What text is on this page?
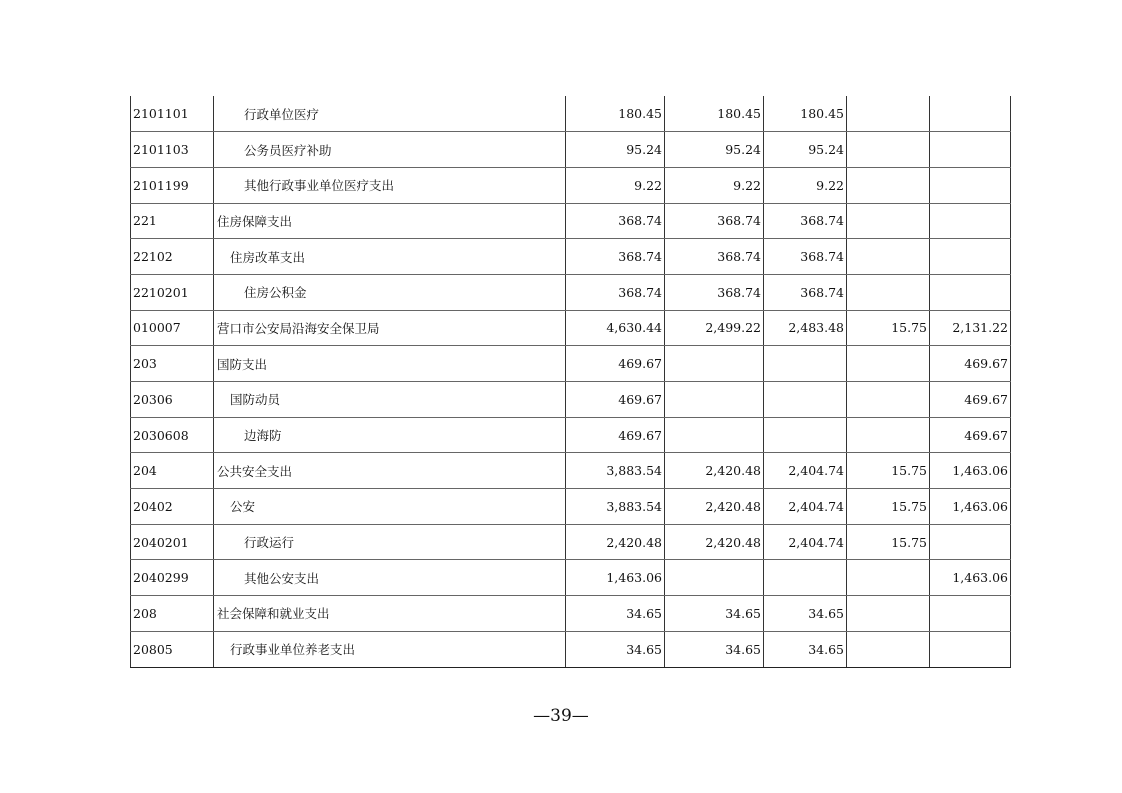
2101101	行政单位医疗	180.45	180.45	180.45		
2101103	公务员医疗补助	95.24	95.24	95.24		
2101199	其他行政事业单位医疗支出	9.22	9.22	9.22		
221	住房保障支出	368.74	368.74	368.74		
22102	住房改革支出	368.74	368.74	368.74		
2210201	住房公积金	368.74	368.74	368.74		
010007	营口市公安局沿海安全保卫局	4,630.44	2,499.22	2,483.48	15.75	2,131.22
203	国防支出	469.67				469.67
20306	国防动员	469.67				469.67
2030608	边海防	469.67				469.67
204	公共安全支出	3,883.54	2,420.48	2,404.74	15.75	1,463.06
20402	公安	3,883.54	2,420.48	2,404.74	15.75	1,463.06
2040201	行政运行	2,420.48	2,420.48	2,404.74	15.75	
2040299	其他公安支出	1,463.06				1,463.06
208	社会保障和就业支出	34.65	34.65	34.65		
20805	行政事业单位养老支出	34.65	34.65	34.65		
—39—
